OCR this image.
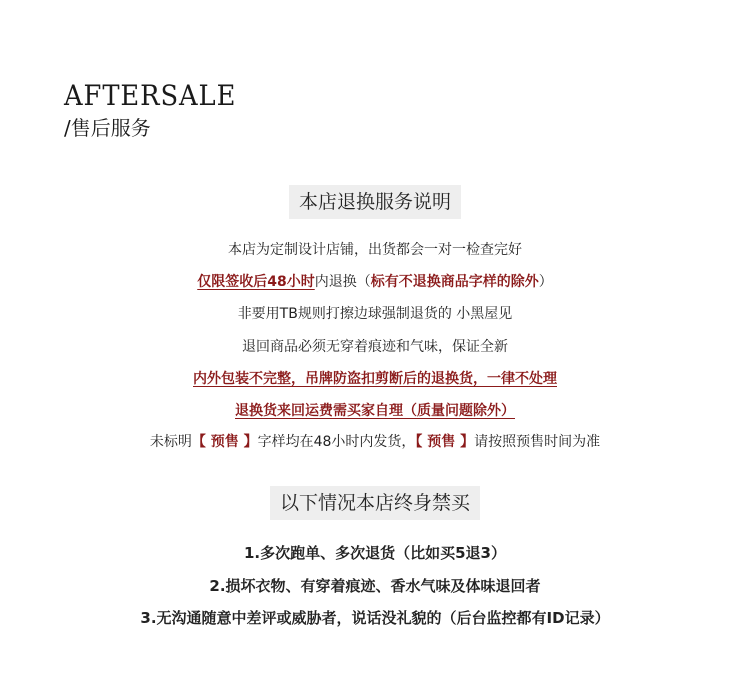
AFTERSALE
/售后服务
本店退换服务说明
本店为定制设计店铺，出货都会一对一检查完好
仅限签收后48小时内退换（标有不退换商品字样的除外）
非要用TB规则打擦边球强制退货的 小黑屋见
退回商品必须无穿着痕迹和气味，保证全新
内外包装不完整，吊牌防盗扣剪断后的退换货，一律不处理
退换货来回运费需买家自理（质量问题除外）
未标明【 预售 】字样均在48小时内发货，【 预售 】请按照预售时间为准
以下情况本店终身禁买
1.多次跑单、多次退货（比如买5退3）
2.损坏衣物、有穿着痕迹、香水气味及体味退回者
3.无沟通随意中差评或威胁者，说话没礼貌的（后台监控都有ID记录）
